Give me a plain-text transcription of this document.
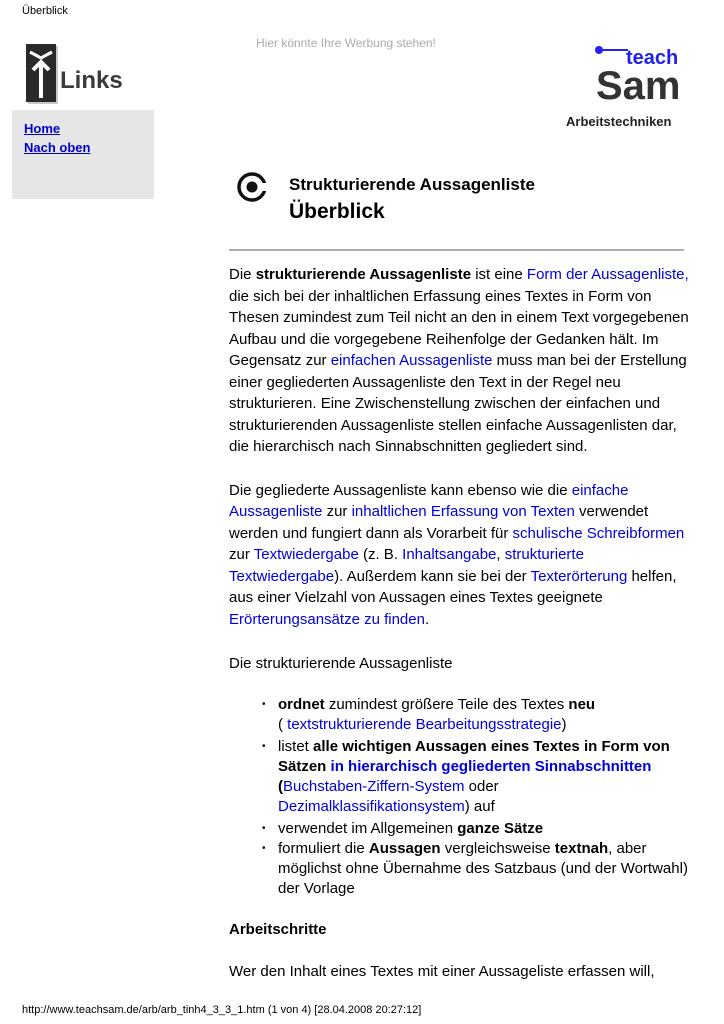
Überblick
Hier könnte Ihre Werbung stehen!
Links
teach
Sam
Arbeitstechniken
Home
Nach oben
Strukturierende Aussagenliste
Überblick

Die strukturierende Aussagenliste ist eine Form der Aussagenliste, die sich bei der inhaltlichen Erfassung eines Textes in Form von Thesen zumindest zum Teil nicht an den in einem Text vorgegebenen Aufbau und die vorgegebene Reihenfolge der Gedanken hält. Im Gegensatz zur einfachen Aussagenliste muss man bei der Erstellung einer gegliederten Aussagenliste den Text in der Regel neu strukturieren. Eine Zwischenstellung zwischen der einfachen und strukturierenden Aussagenliste stellen einfache Aussagenlisten dar, die hierarchisch nach Sinnabschnitten gegliedert sind.

Die gegliederte Aussagenliste kann ebenso wie die einfache Aussagenliste zur inhaltlichen Erfassung von Texten verwendet werden und fungiert dann als Vorarbeit für schulische Schreibformen zur Textwiedergabe (z. B. Inhaltsangabe, strukturierte Textwiedergabe). Außerdem kann sie bei der Texterörterung helfen, aus einer Vielzahl von Aussagen eines Textes geeignete Erörterungsansätze zu finden.

Die strukturierende Aussagenliste

• ordnet zumindest größere Teile des Textes neu
( textstrukturierende Bearbeitungsstrategie)
• listet alle wichtigen Aussagen eines Textes in Form von Sätzen in hierarchisch gegliederten Sinnabschnitten
(Buchstaben-Ziffern-System oder
Dezimalklassifikationsystem) auf
• verwendet im Allgemeinen ganze Sätze
• formuliert die Aussagen vergleichsweise textnah, aber möglichst ohne Übernahme des Satzbaus (und der Wortwahl) der Vorlage

Arbeitschritte

Wer den Inhalt eines Textes mit einer Aussageliste erfassen will,

http://www.teachsam.de/arb/arb_tinh4_3_3_1.htm (1 von 4) [28.04.2008 20:27:12]
